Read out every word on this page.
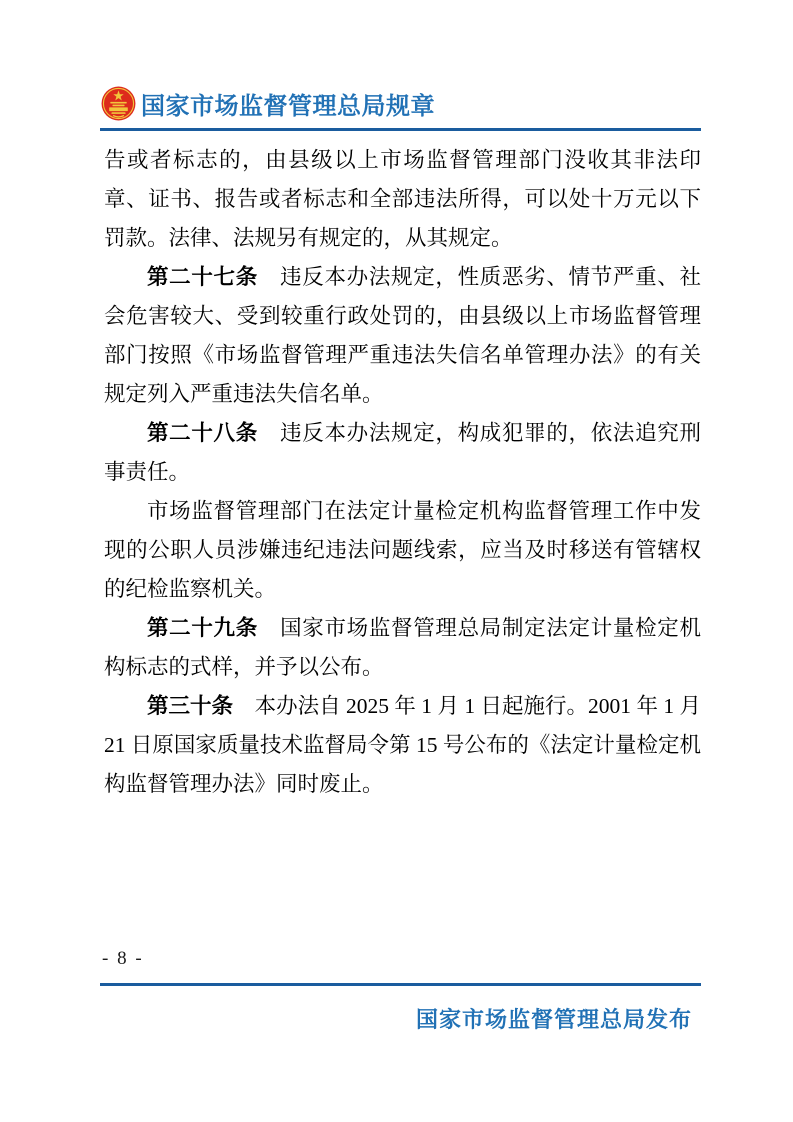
国家市场监督管理总局规章

告或者标志的，由县级以上市场监督管理部门没收其非法印章、证书、报告或者标志和全部违法所得，可以处十万元以下罚款。法律、法规另有规定的，从其规定。

第二十七条　违反本办法规定，性质恶劣、情节严重、社会危害较大、受到较重行政处罚的，由县级以上市场监督管理部门按照《市场监督管理严重违法失信名单管理办法》的有关规定列入严重违法失信名单。

第二十八条　违反本办法规定，构成犯罪的，依法追究刑事责任。

市场监督管理部门在法定计量检定机构监督管理工作中发现的公职人员涉嫌违纪违法问题线索，应当及时移送有管辖权的纪检监察机关。

第二十九条　国家市场监督管理总局制定法定计量检定机构标志的式样，并予以公布。

第三十条　本办法自 2025 年 1 月 1 日起施行。2001 年 1 月 21 日原国家质量技术监督局令第 15 号公布的《法定计量检定机构监督管理办法》同时废止。

- 8 -
国家市场监督管理总局发布
